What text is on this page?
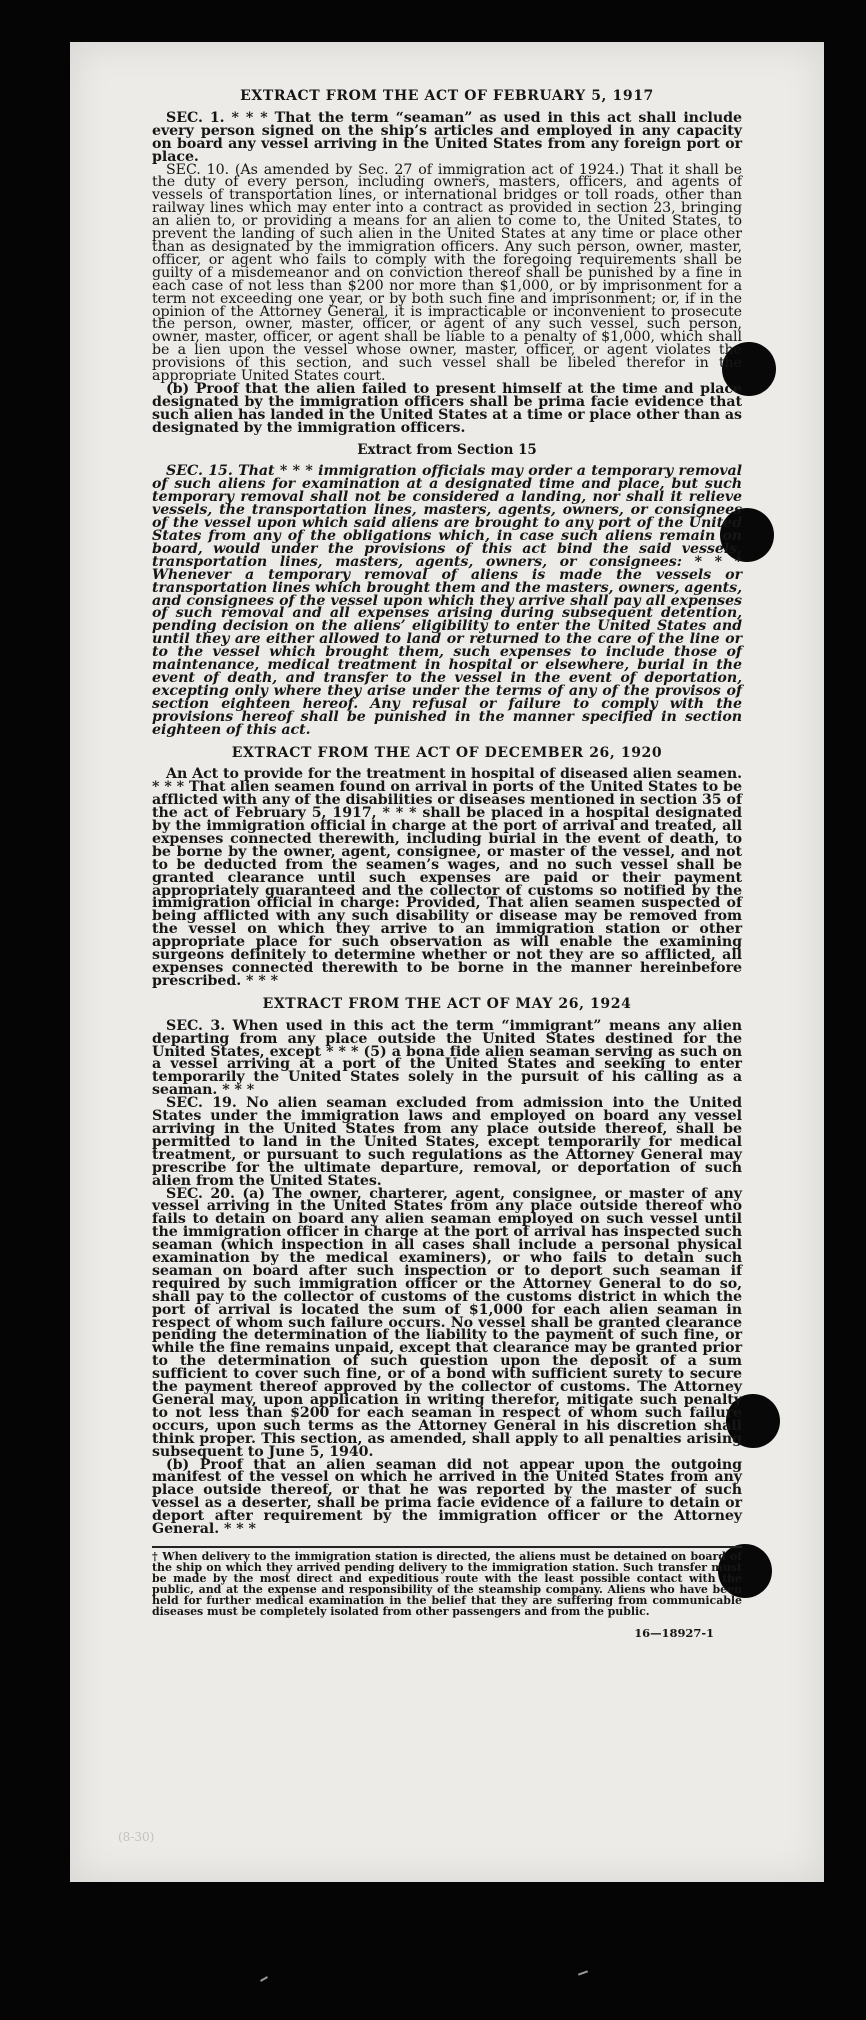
EXTRACT FROM THE ACT OF FEBRUARY 5, 1917

SEC. 1. * * * That the term “seaman” as used in this act shall include every person signed on the ship’s articles and employed in any capacity on board any vessel arriving in the United States from any foreign port or place.

SEC. 10. (As amended by Sec. 27 of immigration act of 1924.) That it shall be the duty of every person, including owners, masters, officers, and agents of vessels of transportation lines, or international bridges or toll roads, other than railway lines which may enter into a contract as provided in section 23, bringing an alien to, or providing a means for an alien to come to, the United States, to prevent the landing of such alien in the United States at any time or place other than as designated by the immigration officers. Any such person, owner, master, officer, or agent who fails to comply with the foregoing requirements shall be guilty of a misdemeanor and on conviction thereof shall be punished by a fine in each case of not less than $200 nor more than $1,000, or by imprisonment for a term not exceeding one year, or by both such fine and imprisonment; or, if in the opinion of the Attorney General, it is impracticable or inconvenient to prosecute the person, owner, master, officer, or agent of any such vessel, such person, owner, master, officer, or agent shall be liable to a penalty of $1,000, which shall be a lien upon the vessel whose owner, master, officer, or agent violates the provisions of this section, and such vessel shall be libeled therefor in the appropriate United States court.

(b) Proof that the alien failed to present himself at the time and place designated by the immigration officers shall be prima facie evidence that such alien has landed in the United States at a time or place other than as designated by the immigration officers.

Extract from Section 15

SEC. 15. That * * * immigration officials may order a temporary removal of such aliens for examination at a designated time and place, but such temporary removal shall not be considered a landing, nor shall it relieve vessels, the transportation lines, masters, agents, owners, or consignees of the vessel upon which said aliens are brought to any port of the United States from any of the obligations which, in case such aliens remain on board, would under the provisions of this act bind the said vessels, transportation lines, masters, agents, owners, or consignees: * * * Whenever a temporary removal of aliens is made the vessels or transportation lines which brought them and the masters, owners, agents, and consignees of the vessel upon which they arrive shall pay all expenses of such removal and all expenses arising during subsequent detention, pending decision on the aliens’ eligibility to enter the United States and until they are either allowed to land or returned to the care of the line or to the vessel which brought them, such expenses to include those of maintenance, medical treatment in hospital or elsewhere, burial in the event of death, and transfer to the vessel in the event of deportation, excepting only where they arise under the terms of any of the provisos of section eighteen hereof. Any refusal or failure to comply with the provisions hereof shall be punished in the manner specified in section eighteen of this act.

EXTRACT FROM THE ACT OF DECEMBER 26, 1920

An Act to provide for the treatment in hospital of diseased alien seamen. * * * That alien seamen found on arrival in ports of the United States to be afflicted with any of the disabilities or diseases mentioned in section 35 of the act of February 5, 1917, * * * shall be placed in a hospital designated by the immigration official in charge at the port of arrival and treated, all expenses connected therewith, including burial in the event of death, to be borne by the owner, agent, consignee, or master of the vessel, and not to be deducted from the seamen’s wages, and no such vessel shall be granted clearance until such expenses are paid or their payment appropriately guaranteed and the collector of customs so notified by the immigration official in charge: Provided, That alien seamen suspected of being afflicted with any such disability or disease may be removed from the vessel on which they arrive to an immigration station or other appropriate place for such observation as will enable the examining surgeons definitely to determine whether or not they are so afflicted, all expenses connected therewith to be borne in the manner hereinbefore prescribed. * * *

EXTRACT FROM THE ACT OF MAY 26, 1924

SEC. 3. When used in this act the term “immigrant” means any alien departing from any place outside the United States destined for the United States, except * * * (5) a bona fide alien seaman serving as such on a vessel arriving at a port of the United States and seeking to enter temporarily the United States solely in the pursuit of his calling as a seaman. * * *

SEC. 19. No alien seaman excluded from admission into the United States under the immigration laws and employed on board any vessel arriving in the United States from any place outside thereof, shall be permitted to land in the United States, except temporarily for medical treatment, or pursuant to such regulations as the Attorney General may prescribe for the ultimate departure, removal, or deportation of such alien from the United States.

SEC. 20. (a) The owner, charterer, agent, consignee, or master of any vessel arriving in the United States from any place outside thereof who fails to detain on board any alien seaman employed on such vessel until the immigration officer in charge at the port of arrival has inspected such seaman (which inspection in all cases shall include a personal physical examination by the medical examiners), or who fails to detain such seaman on board after such inspection or to deport such seaman if required by such immigration officer or the Attorney General to do so, shall pay to the collector of customs of the customs district in which the port of arrival is located the sum of $1,000 for each alien seaman in respect of whom such failure occurs. No vessel shall be granted clearance pending the determination of the liability to the payment of such fine, or while the fine remains unpaid, except that clearance may be granted prior to the determination of such question upon the deposit of a sum sufficient to cover such fine, or of a bond with sufficient surety to secure the payment thereof approved by the collector of customs. The Attorney General may, upon application in writing therefor, mitigate such penalty to not less than $200 for each seaman in respect of whom such failure occurs, upon such terms as the Attorney General in his discretion shall think proper. This section, as amended, shall apply to all penalties arising subsequent to June 5, 1940.

(b) Proof that an alien seaman did not appear upon the outgoing manifest of the vessel on which he arrived in the United States from any place outside thereof, or that he was reported by the master of such vessel as a deserter, shall be prima facie evidence of a failure to detain or deport after requirement by the immigration officer or the Attorney General. * * *

† When delivery to the immigration station is directed, the aliens must be detained on board of the ship on which they arrived pending delivery to the immigration station. Such transfer must be made by the most direct and expeditious route with the least possible contact with the public, and at the expense and responsibility of the steamship company. Aliens who have been held for further medical examination in the belief that they are suffering from communicable diseases must be completely isolated from other passengers and from the public.
16—18927-1
(8-30)
